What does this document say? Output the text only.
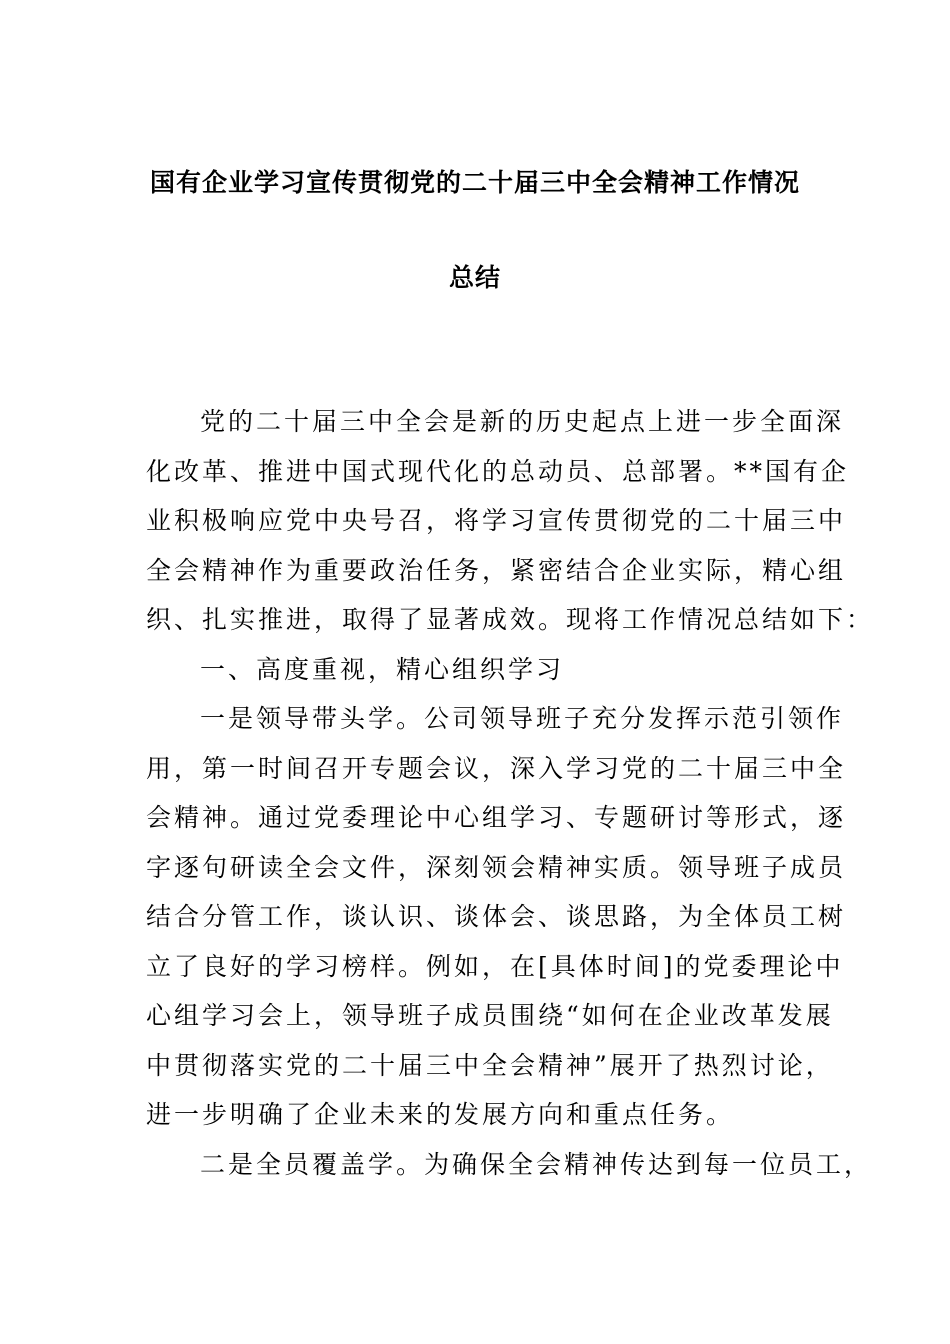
国有企业学习宣传贯彻党的二十届三中全会精神工作情况
总结
党的二十届三中全会是新的历史起点上进一步全面深
化改革、推进中国式现代化的总动员、总部署。**国有企
业积极响应党中央号召，将学习宣传贯彻党的二十届三中
全会精神作为重要政治任务，紧密结合企业实际，精心组
织、扎实推进，取得了显著成效。现将工作情况总结如下：
一、高度重视，精心组织学习
一是领导带头学。公司领导班子充分发挥示范引领作
用，第一时间召开专题会议，深入学习党的二十届三中全
会精神。通过党委理论中心组学习、专题研讨等形式，逐
字逐句研读全会文件，深刻领会精神实质。领导班子成员
结合分管工作，谈认识、谈体会、谈思路，为全体员工树
立了良好的学习榜样。例如，在[具体时间]的党委理论中
心组学习会上，领导班子成员围绕“如何在企业改革发展
中贯彻落实党的二十届三中全会精神”展开了热烈讨论，
进一步明确了企业未来的发展方向和重点任务。
二是全员覆盖学。为确保全会精神传达到每一位员工，
